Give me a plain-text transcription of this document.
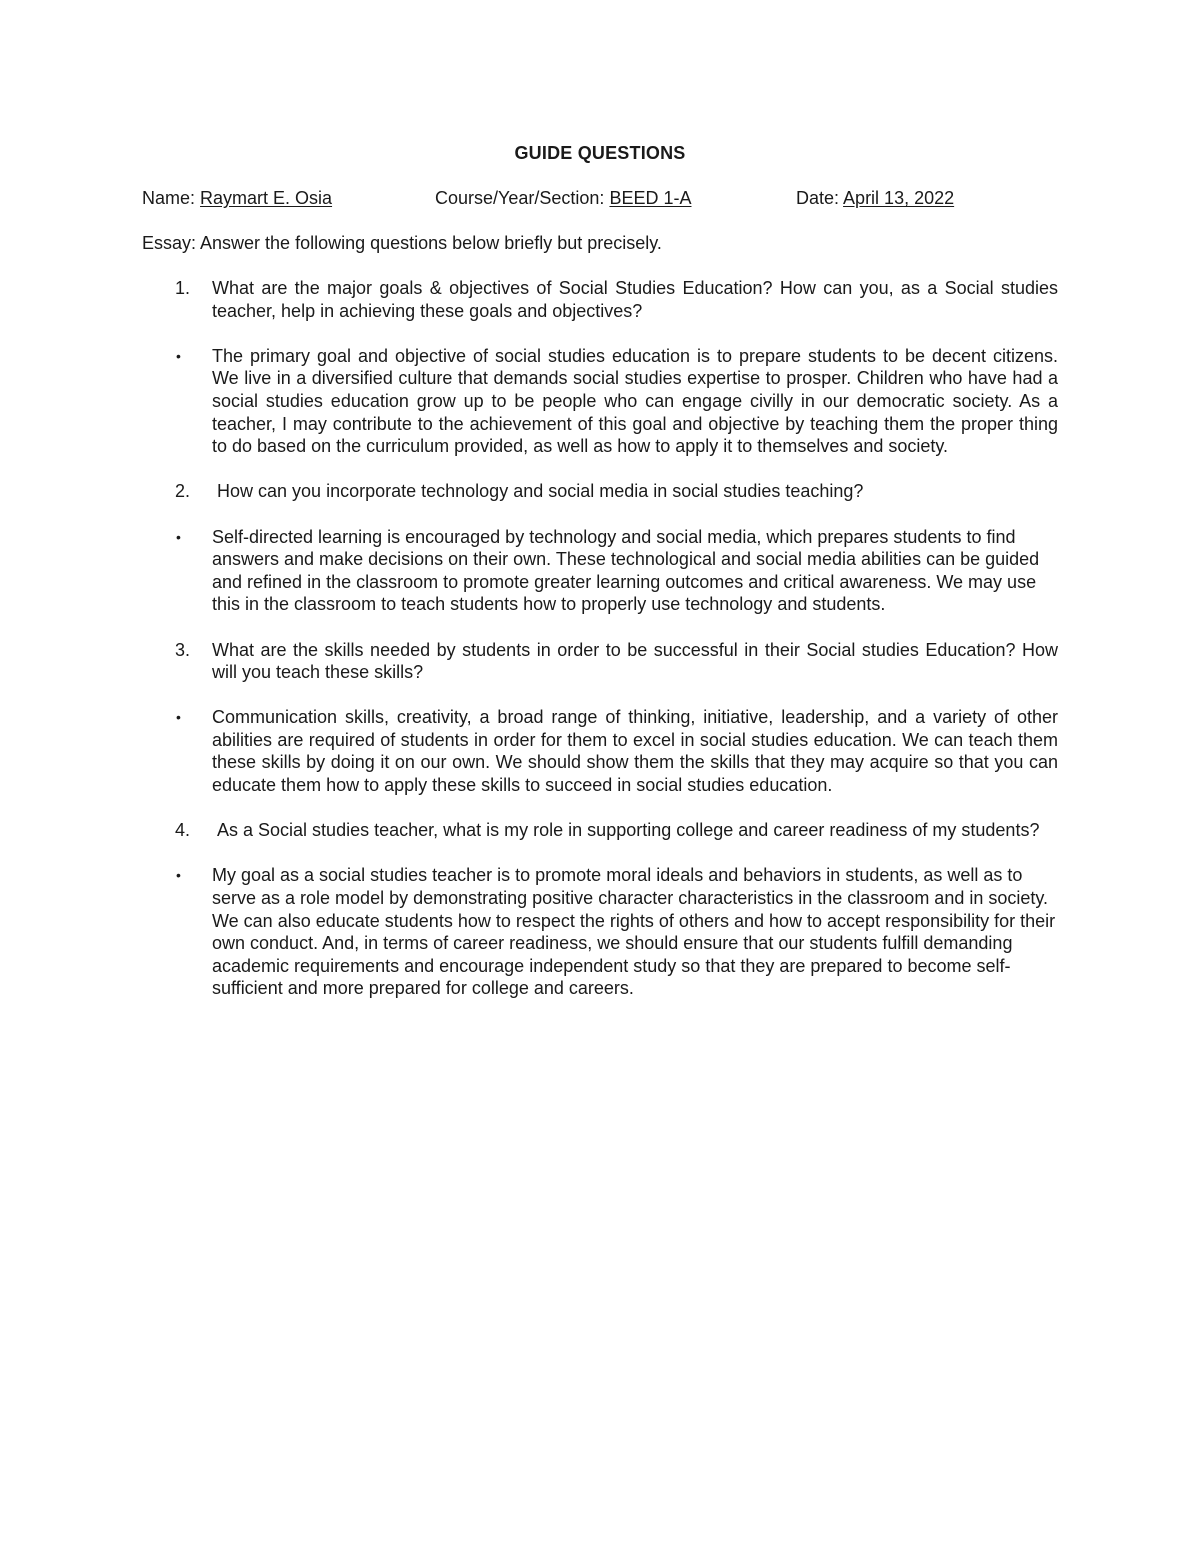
GUIDE QUESTIONS
Name: Raymart E. Osia	Course/Year/Section: BEED 1-A	Date: April 13, 2022
Essay: Answer the following questions below briefly but precisely.
1.	What are the major goals & objectives of Social Studies Education? How can you, as a Social studies teacher, help in achieving these goals and objectives?
•	The primary goal and objective of social studies education is to prepare students to be decent citizens. We live in a diversified culture that demands social studies expertise to prosper. Children who have had a social studies education grow up to be people who can engage civilly in our democratic society. As a teacher, I may contribute to the achievement of this goal and objective by teaching them the proper thing to do based on the curriculum provided, as well as how to apply it to themselves and society.
2.	How can you incorporate technology and social media in social studies teaching?
•	Self-directed learning is encouraged by technology and social media, which prepares students to find answers and make decisions on their own. These technological and social media abilities can be guided and refined in the classroom to promote greater learning outcomes and critical awareness. We may use this in the classroom to teach students how to properly use technology and students.
3.	What are the skills needed by students in order to be successful in their Social studies Education? How will you teach these skills?
•	Communication skills, creativity, a broad range of thinking, initiative, leadership, and a variety of other abilities are required of students in order for them to excel in social studies education. We can teach them these skills by doing it on our own. We should show them the skills that they may acquire so that you can educate them how to apply these skills to succeed in social studies education.
4.	As a Social studies teacher, what is my role in supporting college and career readiness of my students?
•	My goal as a social studies teacher is to promote moral ideals and behaviors in students, as well as to serve as a role model by demonstrating positive character characteristics in the classroom and in society. We can also educate students how to respect the rights of others and how to accept responsibility for their own conduct. And, in terms of career readiness, we should ensure that our students fulfill demanding academic requirements and encourage independent study so that they are prepared to become self-sufficient and more prepared for college and careers.
